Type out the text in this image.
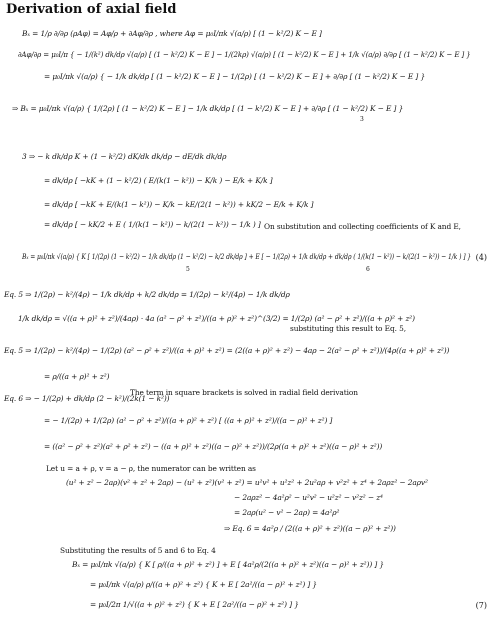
Derivation of axial field
Bₓ = 1/ρ ∂/∂ρ (ρAφ) = Aφ/ρ + ∂Aφ/∂ρ , where Aφ = μ₀I/πk √(a/ρ) [ (1 − k²/2) K − E ]
∂Aφ/∂ρ = μ₀I/π { − 1/(k²) dk/dρ √(a/ρ) [ (1 − k²/2) K − E ] − 1/(2kρ) √(a/ρ) [ (1 − k²/2) K − E ] + 1/k √(a/ρ) ∂/∂ρ [ (1 − k²/2) K − E ] }
= μ₀I/πk √(a/ρ) { − 1/k dk/dρ [ (1 − k²/2) K − E ] − 1/(2ρ) [ (1 − k²/2) K − E ] + ∂/∂ρ [ (1 − k²/2) K − E ] }
⇒ Bₓ = μ₀I/πk √(a/ρ) { 1/(2ρ) [ (1 − k²/2) K − E ] − 1/k dk/dρ [ (1 − k²/2) K − E ] + ∂/∂ρ [ (1 − k²/2) K − E ] }
3
3 ⇒ − k dk/dρ K + (1 − k²/2) dK/dk dk/dρ − dE/dk dk/dρ
= dk/dρ [ −kK + (1 − k²/2) ( E/(k(1 − k²)) − K/k ) − E/k + K/k ]
= dk/dρ [ −kK + E/(k(1 − k²)) − K/k − kE/(2(1 − k²)) + kK/2 − E/k + K/k ]
= dk/dρ [ − kK/2 + E ( 1/(k(1 − k²)) − k/(2(1 − k²)) − 1/k ) ] On substitution and collecting coefficients of K and E,
Bₓ = μ₀I/πk √(a/ρ) { K [ 1/(2ρ) (1 − k²/2) − 1/k dk/dρ (1 − k²/2) − k/2 dk/dρ ] + E [ − 1/(2ρ) + 1/k dk/dρ + dk/dρ ( 1/(k(1 − k²)) − k/(2(1 − k²)) − 1/k ) ] } (4)
5	6
Eq. 5 ⇒ 1/(2ρ) − k²/(4ρ) − 1/k dk/dρ + k/2 dk/dρ = 1/(2ρ) − k²/(4ρ) − 1/k dk/dρ
1/k dk/dρ = √((a + ρ)² + z²)/(4aρ) · 4a (a² − ρ² + z²)/((a + ρ)² + z²)^(3/2) = 1/(2ρ) (a² − ρ² + z²)/((a + ρ)² + z²)
substituting this result to Eq. 5,
Eq. 5 ⇒ 1/(2ρ) − k²/(4ρ) − 1/(2ρ) (a² − ρ² + z²)/((a + ρ)² + z²) = (2((a + ρ)² + z²) − 4aρ − 2(a² − ρ² + z²))/(4ρ((a + ρ)² + z²))
= ρ/((a + ρ)² + z²)
Eq. 6 ⇒ − 1/(2ρ) + dk/dρ (2 − k²)/(2k(1 − k²))
The term in square brackets is solved in radial field derivation
= − 1/(2ρ) + 1/(2ρ) (a² − ρ² + z²)/((a + ρ)² + z²) [ ((a + ρ)² + z²)/((a − ρ)² + z²) ]
= ((a² − ρ² + z²)(a² + ρ² + z²) − ((a + ρ)² + z²)((a − ρ)² + z²))/(2ρ((a + ρ)² + z²)((a − ρ)² + z²))
Let u = a + ρ, v = a − ρ, the numerator can be written as
(u² + z² − 2aρ)(v² + z² + 2aρ) − (u² + z²)(v² + z²) = u²v² + u²z² + 2u²aρ + v²z² + z⁴ + 2aρz² − 2aρv²
− 2aρz² − 4a²ρ² − u²v² − u²z² − v²z² − z⁴
= 2aρ(u² − v² − 2aρ) = 4a²ρ²
⇒ Eq. 6 = 4a²ρ / (2((a + ρ)² + z²)((a − ρ)² + z²))
Substituting the results of 5 and 6 to Eq. 4
Bₓ = μ₀I/πk √(a/ρ) { K [ ρ/((a + ρ)² + z²) ] + E [ 4a²ρ/(2((a + ρ)² + z²)((a − ρ)² + z²)) ] }
= μ₀I/πk √(a/ρ) ρ/((a + ρ)² + z²) { K + E [ 2a²/((a − ρ)² + z²) ] }
= μ₀I/2π 1/√((a + ρ)² + z²) { K + E [ 2a²/((a − ρ)² + z²) ] }	(7)
